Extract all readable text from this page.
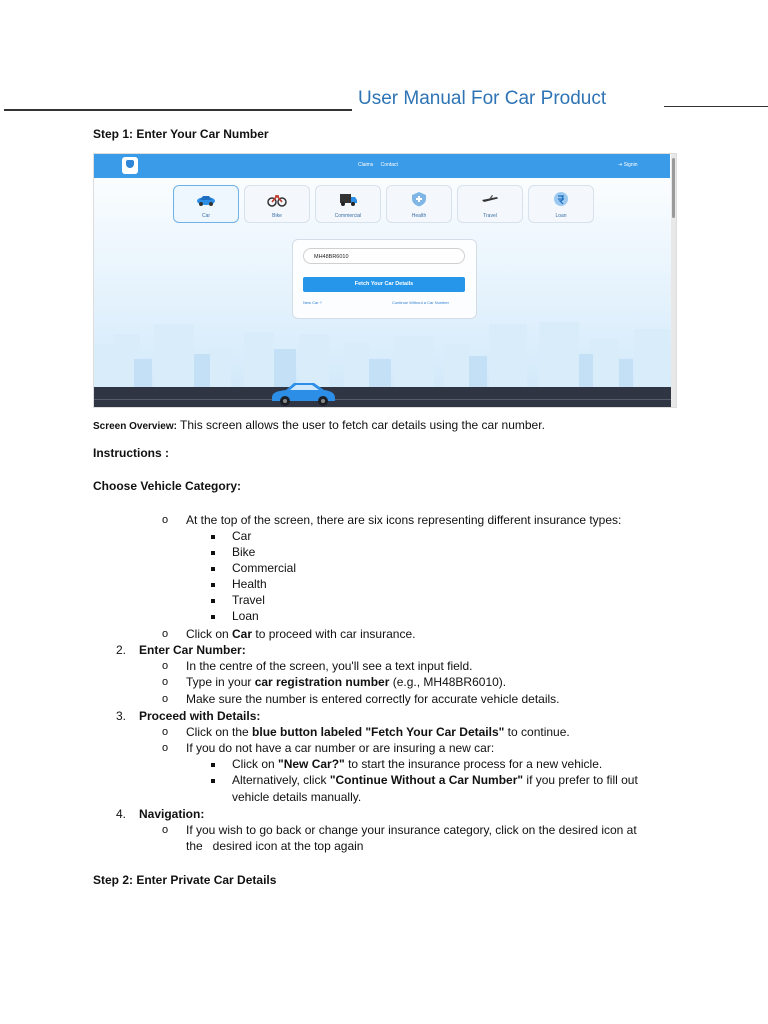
User Manual For Car Product
Step 1: Enter Your Car Number
Claims Contact	⇥ Signin
Car	Bike	Commercial	Health	Travel	Loan
MH48BR6010
Fetch Your Car Details
New Car ?	Continue Without a Car Number
Screen Overview: This screen allows the user to fetch car details using the car number.
Instructions :
Choose Vehicle Category:
o At the top of the screen, there are six icons representing different insurance types:
Car
Bike
Commercial
Health
Travel
Loan
o Click on Car to proceed with car insurance.
2. Enter Car Number:
o In the centre of the screen, you'll see a text input field.
o Type in your car registration number (e.g., MH48BR6010).
o Make sure the number is entered correctly for accurate vehicle details.
3. Proceed with Details:
o Click on the blue button labeled "Fetch Your Car Details" to continue.
o If you do not have a car number or are insuring a new car:
Click on "New Car?" to start the insurance process for a new vehicle.
Alternatively, click "Continue Without a Car Number" if you prefer to fill out
vehicle details manually.
4. Navigation:
o If you wish to go back or change your insurance category, click on the desired icon at
the   desired icon at the top again
Step 2: Enter Private Car Details
